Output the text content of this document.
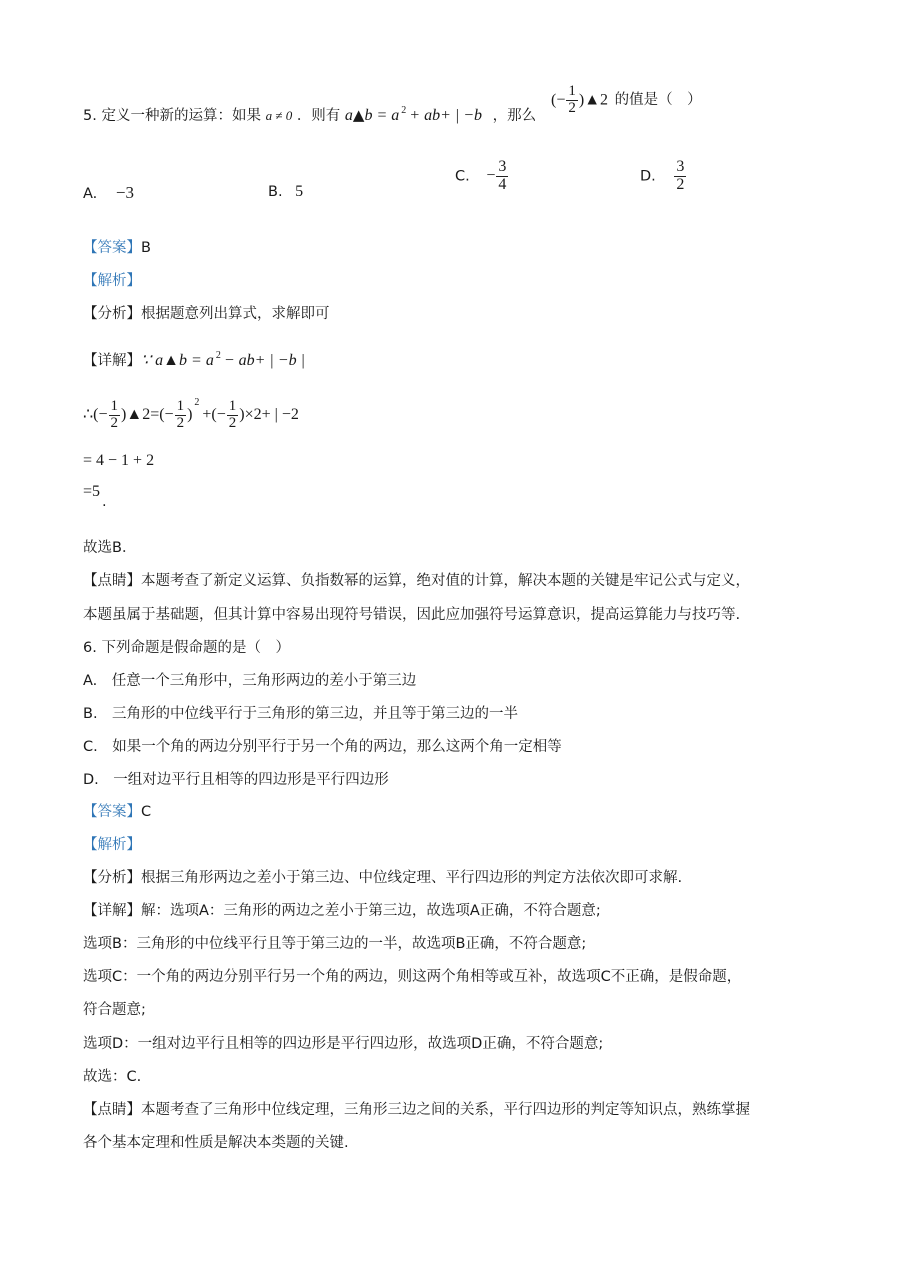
5. 定义一种新的运算：如果 a ≠ 0 ．则有 a▲b = a $^2$ + ab+ | −b ，那么
(− $\frac{1}{2}$ )▲2 的值是（　）
A. −3	B. 5
C. − $\frac{3}{4}$	D. $\frac{3}{2}$
【答案】B
【解析】
【分析】根据题意列出算式，求解即可
【详解】∵ a▲b = a $^2$ − ab+ | −b |
∴(− $\frac{1}{2}$ )▲2=(− $\frac{1}{2} )^2+(- \frac{1}{2} )\times 2+$ | −2
= 4 − 1 + 2
=5.
故选B．
【点睛】本题考查了新定义运算、负指数幂的运算，绝对值的计算，解决本题的关键是牢记公式与定义，
本题虽属于基础题，但其计算中容易出现符号错误，因此应加强符号运算意识，提高运算能力与技巧等.
6. 下列命题是假命题的是（　）
A.　任意一个三角形中，三角形两边的差小于第三边
B.　三角形的中位线平行于三角形的第三边，并且等于第三边的一半
C.　如果一个角的两边分别平行于另一个角的两边，那么这两个角一定相等
D.　一组对边平行且相等的四边形是平行四边形
【答案】C
【解析】
【分析】根据三角形两边之差小于第三边、中位线定理、平行四边形的判定方法依次即可求解.
【详解】解：选项A：三角形的两边之差小于第三边，故选项A正确，不符合题意;
选项B：三角形的中位线平行且等于第三边的一半，故选项B正确，不符合题意;
选项C：一个角的两边分别平行另一个角的两边，则这两个角相等或互补，故选项C不正确，是假命题，
符合题意;
选项D：一组对边平行且相等的四边形是平行四边形，故选项D正确，不符合题意;
故选：C.
【点睛】本题考查了三角形中位线定理，三角形三边之间的关系，平行四边形的判定等知识点，熟练掌握
各个基本定理和性质是解决本类题的关键.
